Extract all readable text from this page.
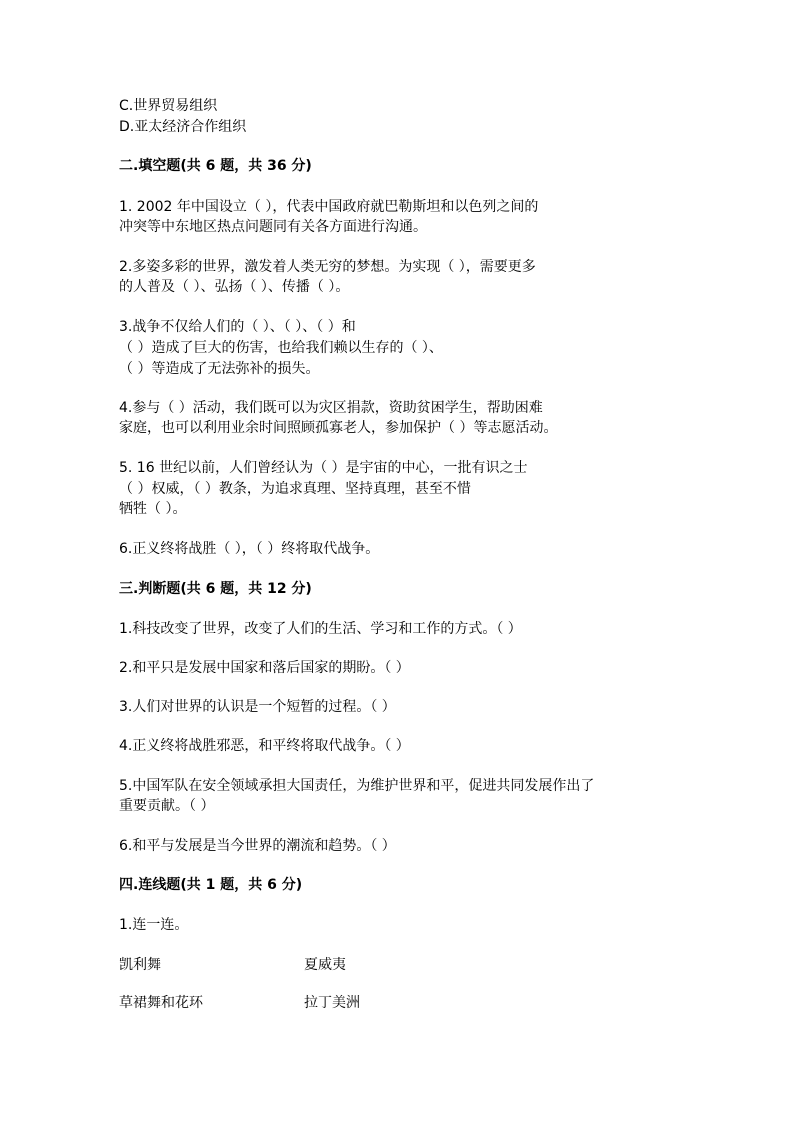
C.世界贸易组织
D.亚太经济合作组织
二.填空题(共 6 题，共 36 分)
1. 2002 年中国设立（ ），代表中国政府就巴勒斯坦和以色列之间的
冲突等中东地区热点问题同有关各方面进行沟通。
2.多姿多彩的世界，激发着人类无穷的梦想。为实现（ ），需要更多
的人普及（ ）、弘扬（ ）、传播（ ）。
3.战争不仅给人们的（ ）、（ ）、（ ）和
（ ）造成了巨大的伤害，也给我们赖以生存的（ ）、
（ ）等造成了无法弥补的损失。
4.参与（ ）活动，我们既可以为灾区捐款，资助贫困学生，帮助困难
家庭，也可以利用业余时间照顾孤寡老人，参加保护（ ）等志愿活动。
5. 16 世纪以前，人们曾经认为（ ）是宇宙的中心，一批有识之士
（ ）权威，（ ）教条，为追求真理、坚持真理，甚至不惜
牺牲（ ）。
6.正义终将战胜（ ），（ ）终将取代战争。
三.判断题(共 6 题，共 12 分)
1.科技改变了世界，改变了人们的生活、学习和工作的方式。（ ）
2.和平只是发展中国家和落后国家的期盼。（ ）
3.人们对世界的认识是一个短暂的过程。（ ）
4.正义终将战胜邪恶，和平终将取代战争。（ ）
5.中国军队在安全领域承担大国责任，为维护世界和平，促进共同发展作出了
重要贡献。（ ）
6.和平与发展是当今世界的潮流和趋势。（ ）
四.连线题(共 1 题，共 6 分)
1.连一连。
凯利舞	夏威夷
草裙舞和花环	拉丁美洲
